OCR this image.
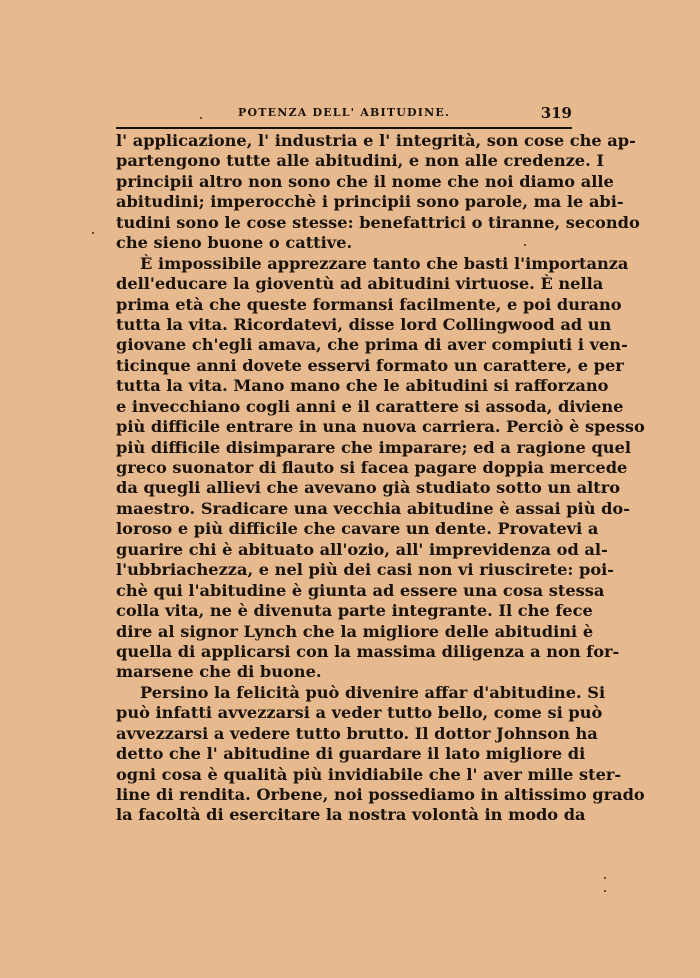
POTENZA DELL' ABITUDINE.	319
l' applicazione, l' industria e l' integrità, son cose che ap-
partengono tutte alle abitudini, e non alle credenze. I
principii altro non sono che il nome che noi diamo alle
abitudini; imperocchè i principii sono parole, ma le abi-
tudini sono le cose stesse: benefattrici o tiranne, secondo
che sieno buone o cattive.
È impossibile apprezzare tanto che basti l'importanza
dell'educare la gioventù ad abitudini virtuose. È nella
prima età che queste formansi facilmente, e poi durano
tutta la vita. Ricordatevi, disse lord Collingwood ad un
giovane ch'egli amava, che prima di aver compiuti i ven-
ticinque anni dovete esservi formato un carattere, e per
tutta la vita. Mano mano che le abitudini si rafforzano
e invecchiano cogli anni e il carattere si assoda, diviene
più difficile entrare in una nuova carriera. Perciò è spesso
più difficile disimparare che imparare; ed a ragione quel
greco suonator di flauto si facea pagare doppia mercede
da quegli allievi che avevano già studiato sotto un altro
maestro. Sradicare una vecchia abitudine è assai più do-
loroso e più difficile che cavare un dente. Provatevi a
guarire chi è abituato all'ozio, all' imprevidenza od al-
l'ubbriachezza, e nel più dei casi non vi riuscirete: poi-
chè qui l'abitudine è giunta ad essere una cosa stessa
colla vita, ne è divenuta parte integrante. Il che fece
dire al signor Lynch che la migliore delle abitudini è
quella di applicarsi con la massima diligenza a non for-
marsene che di buone.
Persino la felicità può divenire affar d'abitudine. Si
può infatti avvezzarsi a veder tutto bello, come si può
avvezzarsi a vedere tutto brutto. Il dottor Johnson ha
detto che l' abitudine di guardare il lato migliore di
ogni cosa è qualità più invidiabile che l' aver mille ster-
line di rendita. Orbene, noi possediamo in altissimo grado
la facoltà di esercitare la nostra volontà in modo da
